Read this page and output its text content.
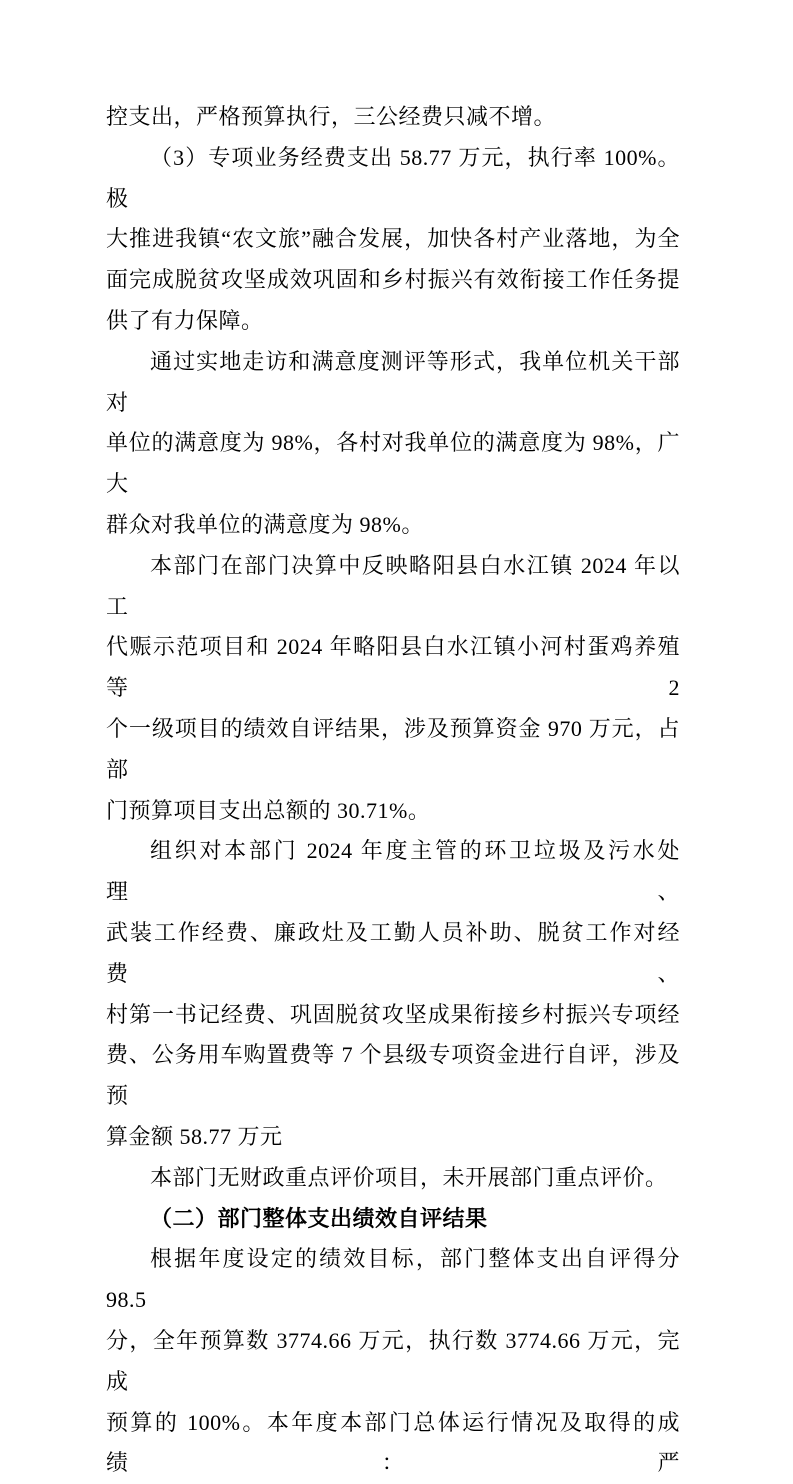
控支出，严格预算执行，三公经费只减不增。
（3）专项业务经费支出 58.77 万元，执行率 100%。极
大推进我镇“农文旅”融合发展，加快各村产业落地，为全
面完成脱贫攻坚成效巩固和乡村振兴有效衔接工作任务提
供了有力保障。
通过实地走访和满意度测评等形式，我单位机关干部对
单位的满意度为 98%，各村对我单位的满意度为 98%，广大
群众对我单位的满意度为 98%。
本部门在部门决算中反映略阳县白水江镇 2024 年以工
代赈示范项目和 2024 年略阳县白水江镇小河村蛋鸡养殖等 2
个一级项目的绩效自评结果，涉及预算资金 970 万元，占部
门预算项目支出总额的 30.71%。
组织对本部门 2024 年度主管的环卫垃圾及污水处理、
武装工作经费、廉政灶及工勤人员补助、脱贫工作对经费、
村第一书记经费、巩固脱贫攻坚成果衔接乡村振兴专项经
费、公务用车购置费等 7 个县级专项资金进行自评，涉及预
算金额 58.77 万元
本部门无财政重点评价项目，未开展部门重点评价。
（二）部门整体支出绩效自评结果
根据年度设定的绩效目标，部门整体支出自评得分 98.5
分，全年预算数 3774.66 万元，执行数 3774.66 万元，完成
预算的 100%。本年度本部门总体运行情况及取得的成绩：严
